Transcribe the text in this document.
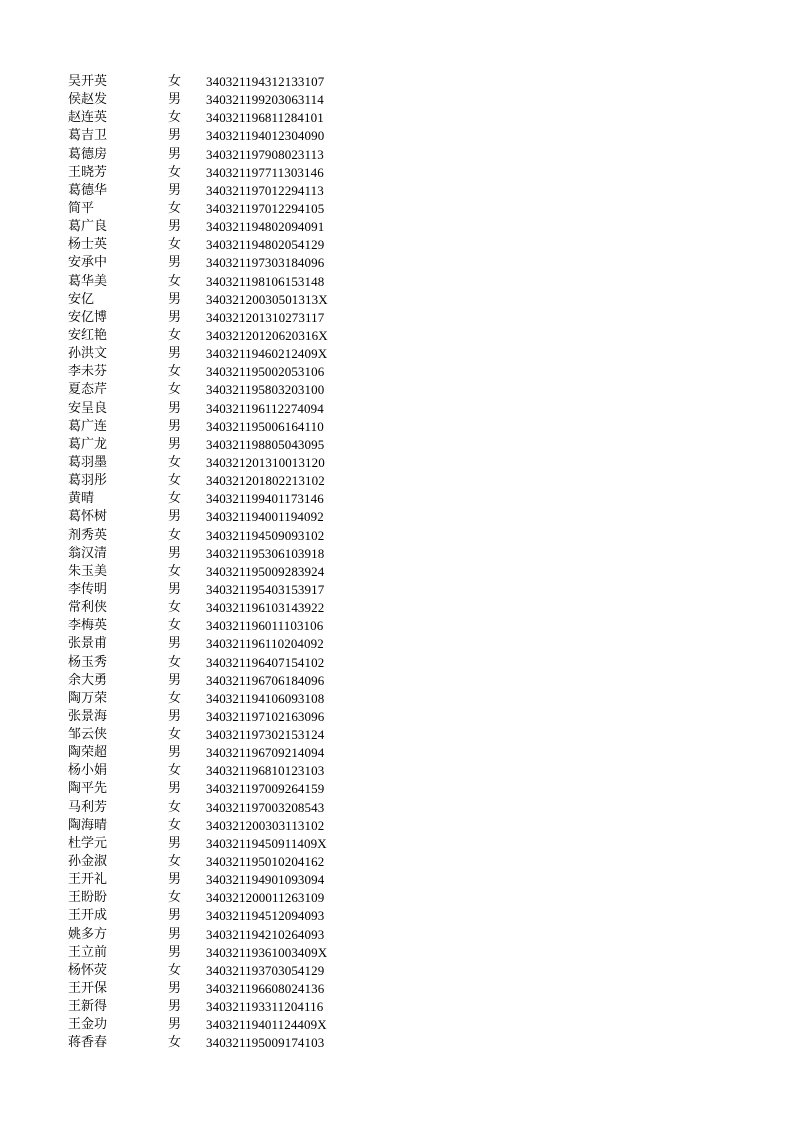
吴开英	女 340321194312133107
侯赵发	男 340321199203063114
赵连英	女 340321196811284101
葛吉卫	男 340321194012304090
葛德房	男 340321197908023113
王晓芳	女 340321197711303146
葛德华	男 340321197012294113
简平	女 340321197012294105
葛广良	男 340321194802094091
杨士英	女 340321194802054129
安承中	男 340321197303184096
葛华美	女 340321198106153148
安亿	男 34032120030501313X
安亿博	男 340321201310273117
安红艳	女 34032120120620316X
孙洪文	男 34032119460212409X
李未芬	女 340321195002053106
夏态芹	女 340321195803203100
安呈良	男 340321196112274094
葛广连	男 340321195006164110
葛广龙	男 340321198805043095
葛羽墨	女 340321201310013120
葛羽彤	女 340321201802213102
黄晴	女 340321199401173146
葛怀树	男 340321194001194092
剂秀英	女 340321194509093102
翁汉清	男 340321195306103918
朱玉美	女 340321195009283924
李传明	男 340321195403153917
常利侠	女 340321196103143922
李梅英	女 340321196011103106
张景甫	男 340321196110204092
杨玉秀	女 340321196407154102
余大勇	男 340321196706184096
陶万荣	女 340321194106093108
张景海	男 340321197102163096
邹云侠	女 340321197302153124
陶荣超	男 340321196709214094
杨小娟	女 340321196810123103
陶平先	男 340321197009264159
马利芳	女 340321197003208543
陶海晴	女 340321200303113102
杜学元	男 34032119450911409X
孙金淑	女 340321195010204162
王开礼	男 340321194901093094
王盼盼	女 340321200011263109
王开成	男 340321194512094093
姚多方	男 340321194210264093
王立前	男 34032119361003409X
杨怀荧	女 340321193703054129
王开保	男 340321196608024136
王新得	男 340321193311204116
王金功	男 34032119401124409X
蒋香春	女 340321195009174103
